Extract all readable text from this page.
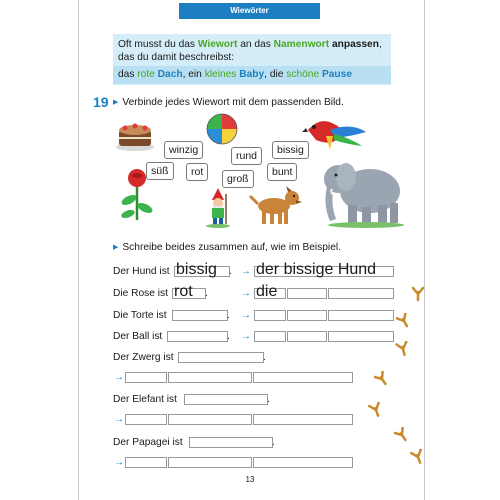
Wiewörter
Oft musst du das Wiewort an das Namenwort anpassen,
das du damit beschreibst:
das rote Dach, ein kleines Baby, die schöne Pause
19 ▶ Verbinde jedes Wiewort mit dem passenden Bild.
winzig	rund	bissig
süß	rot
groß
bunt
▶ Schreibe beides zusammen auf, wie im Beispiel.
Der Hund ist bissig . → der bissige Hund
Die Rose ist rot .	→ die
Die Torte ist	. →
Der Ball ist	. →
Der Zwerg ist	.
→
Der Elefant ist	.
→
Der Papagei ist	.
→
13
